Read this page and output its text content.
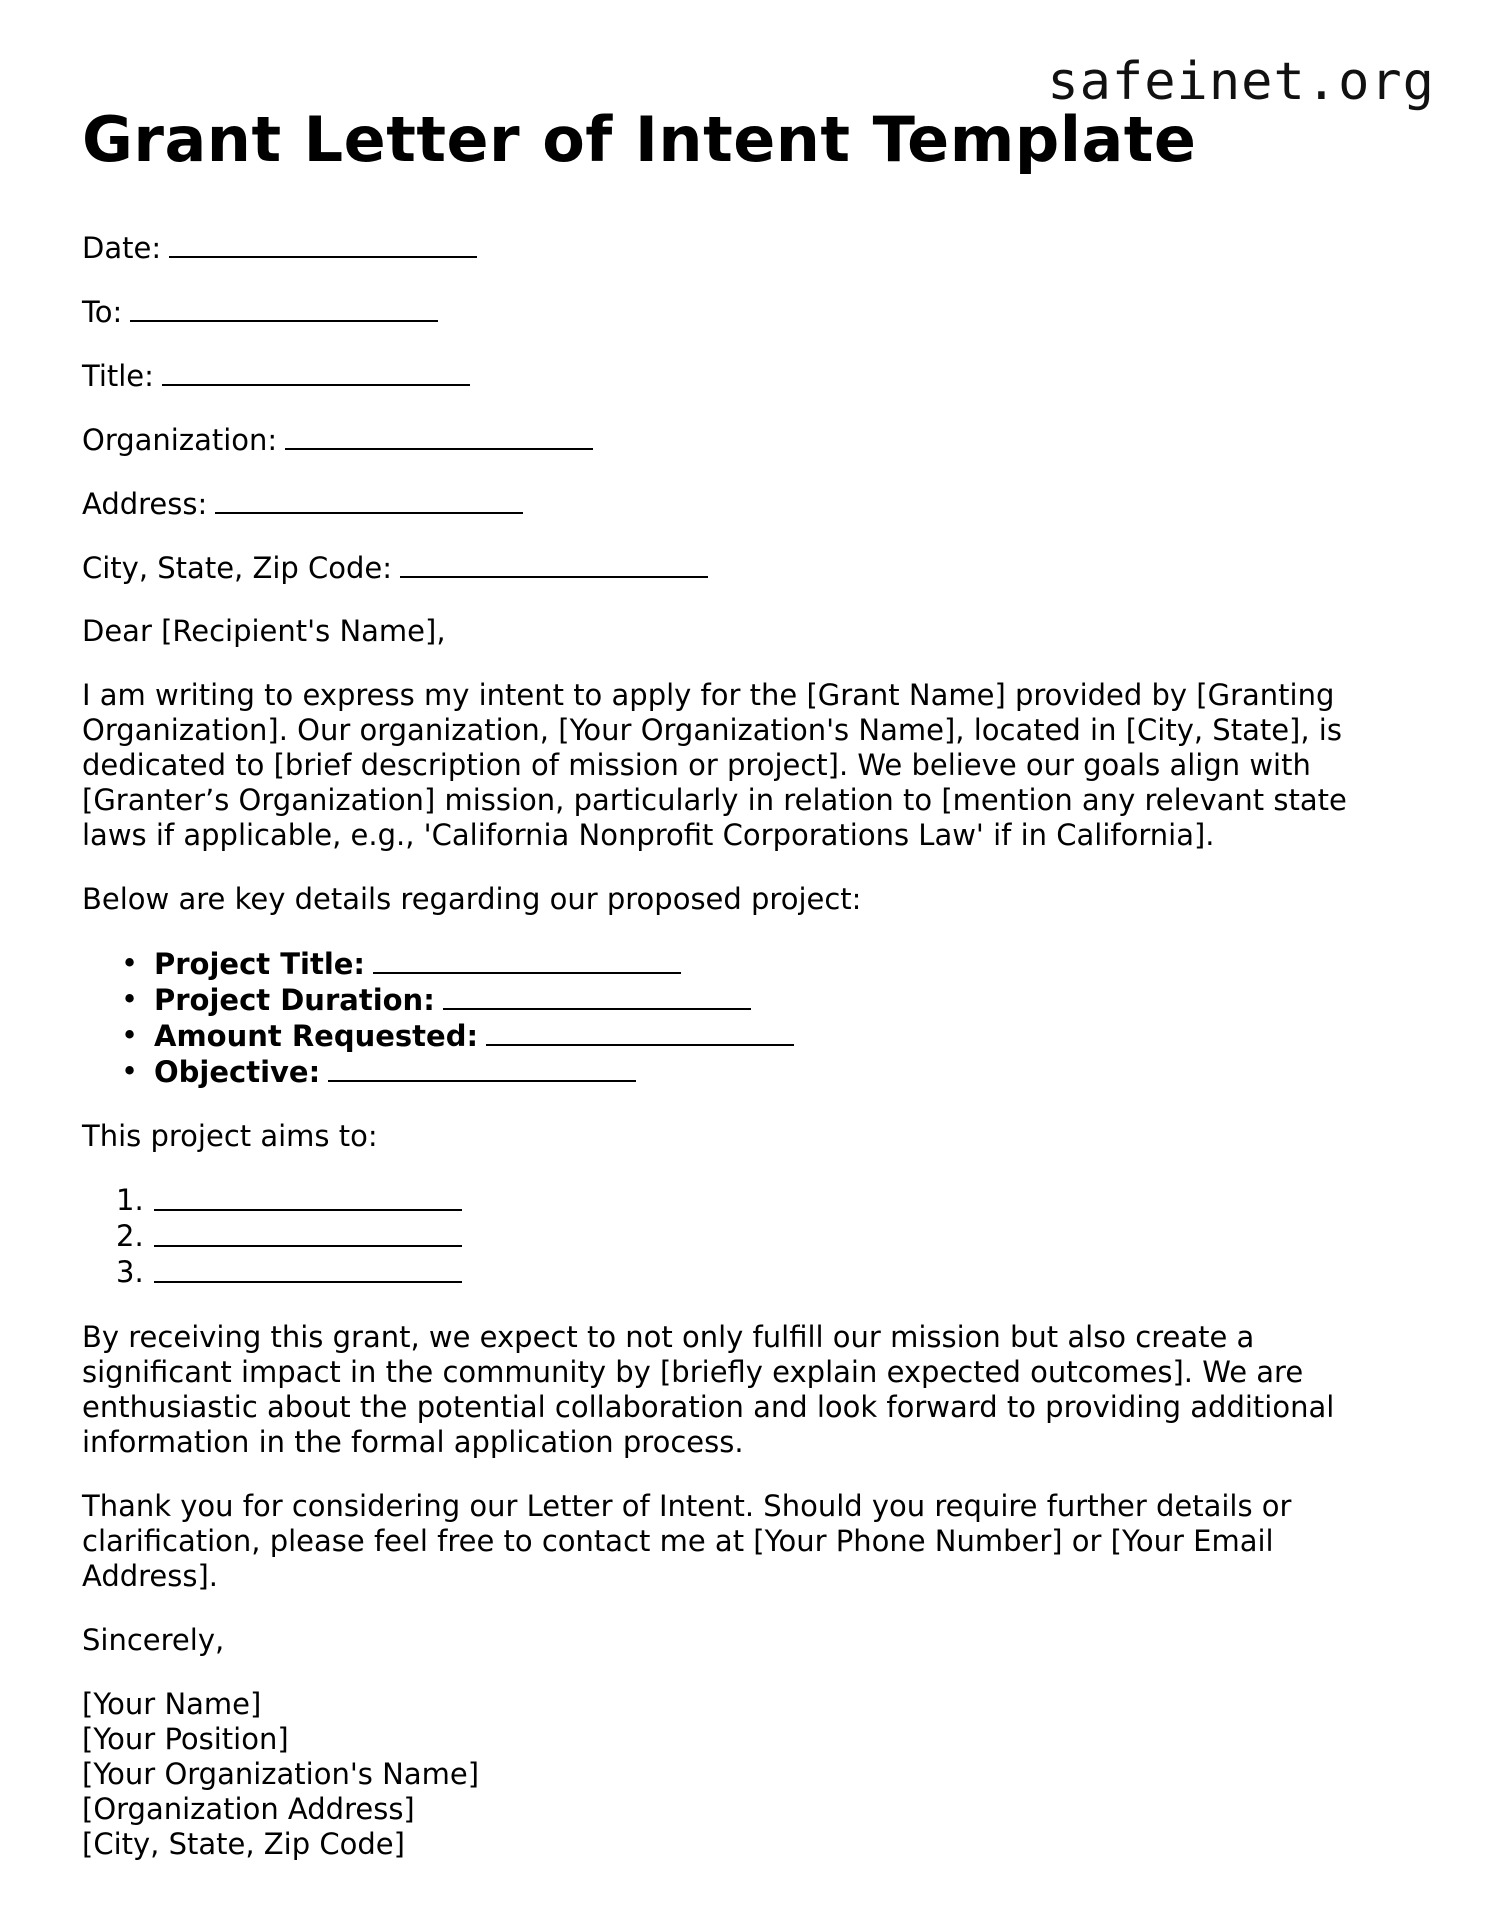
safeinet.org
Grant Letter of Intent Template
Date:
To:
Title:
Organization:
Address:
City, State, Zip Code:

Dear [Recipient's Name],

I am writing to express my intent to apply for the [Grant Name] provided by [Granting Organization]. Our organization, [Your Organization's Name], located in [City, State], is dedicated to [brief description of mission or project]. We believe our goals align with [Granter’s Organization] mission, particularly in relation to [mention any relevant state laws if applicable, e.g., 'California Nonprofit Corporations Law' if in California].

Below are key details regarding our proposed project:

• Project Title:
• Project Duration:
• Amount Requested:
• Objective:

This project aims to:

1.
2.
3.

By receiving this grant, we expect to not only fulfill our mission but also create a significant impact in the community by [briefly explain expected outcomes]. We are enthusiastic about the potential collaboration and look forward to providing additional information in the formal application process.

Thank you for considering our Letter of Intent. Should you require further details or clarification, please feel free to contact me at [Your Phone Number] or [Your Email Address].

Sincerely,

[Your Name]

[Your Position]

[Your Organization's Name]

[Organization Address]

[City, State, Zip Code]
